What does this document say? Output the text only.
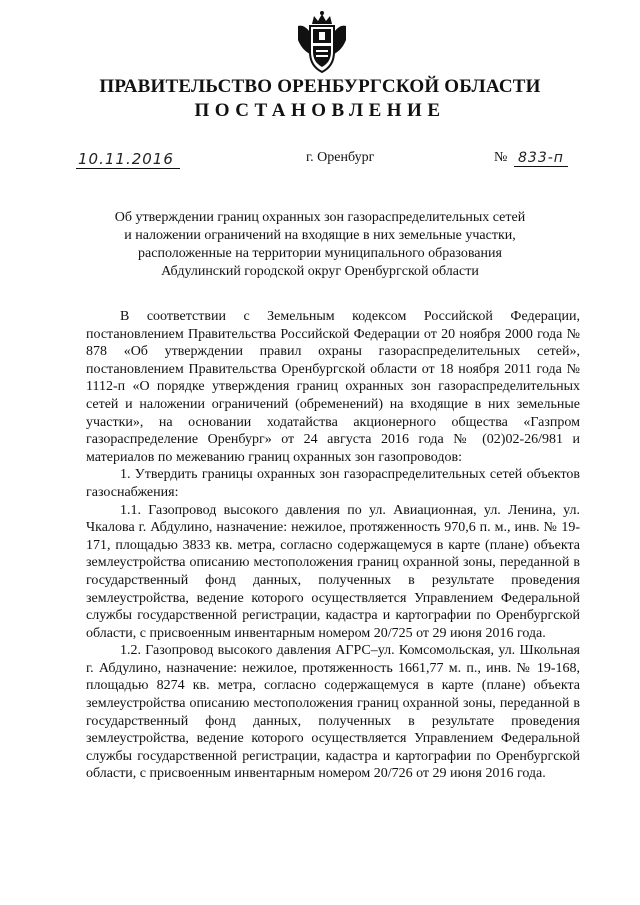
ПРАВИТЕЛЬСТВО ОРЕНБУРГСКОЙ ОБЛАСТИ
ПОСТАНОВЛЕНИЕ
10.11.2016	г. Оренбург	№ 833-п
Об утверждении границ охранных зон газораспределительных сетей
и наложении ограничений на входящие в них земельные участки,
расположенные на территории муниципального образования
Абдулинский городской округ Оренбургской области

В соответствии с Земельным кодексом Российской Федерации, постановлением Правительства Российской Федерации от 20 ноября 2000 года № 878 «Об утверждении правил охраны газораспределительных сетей», постановлением Правительства Оренбургской области от 18 ноября 2011 года № 1112-п «О порядке утверждения границ охранных зон газораспределительных сетей и наложении ограничений (обременений) на входящие в них земельные участки», на основании ходатайства акционерного общества «Газпром газораспределение Оренбург» от 24 августа 2016 года № (02)02-26/981 и материалов по межеванию границ охранных зон газопроводов:

1. Утвердить границы охранных зон газораспределительных сетей объектов газоснабжения:

1.1. Газопровод высокого давления по ул. Авиационная, ул. Ленина, ул. Чкалова г. Абдулино, назначение: нежилое, протяженность 970,6 п. м., инв. № 19-171, площадью 3833 кв. метра, согласно содержащемуся в карте (плане) объекта землеустройства описанию местоположения границ охранной зоны, переданной в государственный фонд данных, полученных в результате проведения землеустройства, ведение которого осуществляется Управлением Федеральной службы государственной регистрации, кадастра и картографии по Оренбургской области, с присвоенным инвентарным номером 20/725 от 29 июня 2016 года.

1.2. Газопровод высокого давления АГРС–ул. Комсомольская, ул. Школьная г. Абдулино, назначение: нежилое, протяженность 1661,77 м. п., инв. № 19-168, площадью 8274 кв. метра, согласно содержащемуся в карте (плане) объекта землеустройства описанию местоположения границ охранной зоны, переданной в государственный фонд данных, полученных в результате проведения землеустройства, ведение которого осуществляется Управлением Федеральной службы государственной регистрации, кадастра и картографии по Оренбургской области, с присвоенным инвентарным номером 20/726 от 29 июня 2016 года.
